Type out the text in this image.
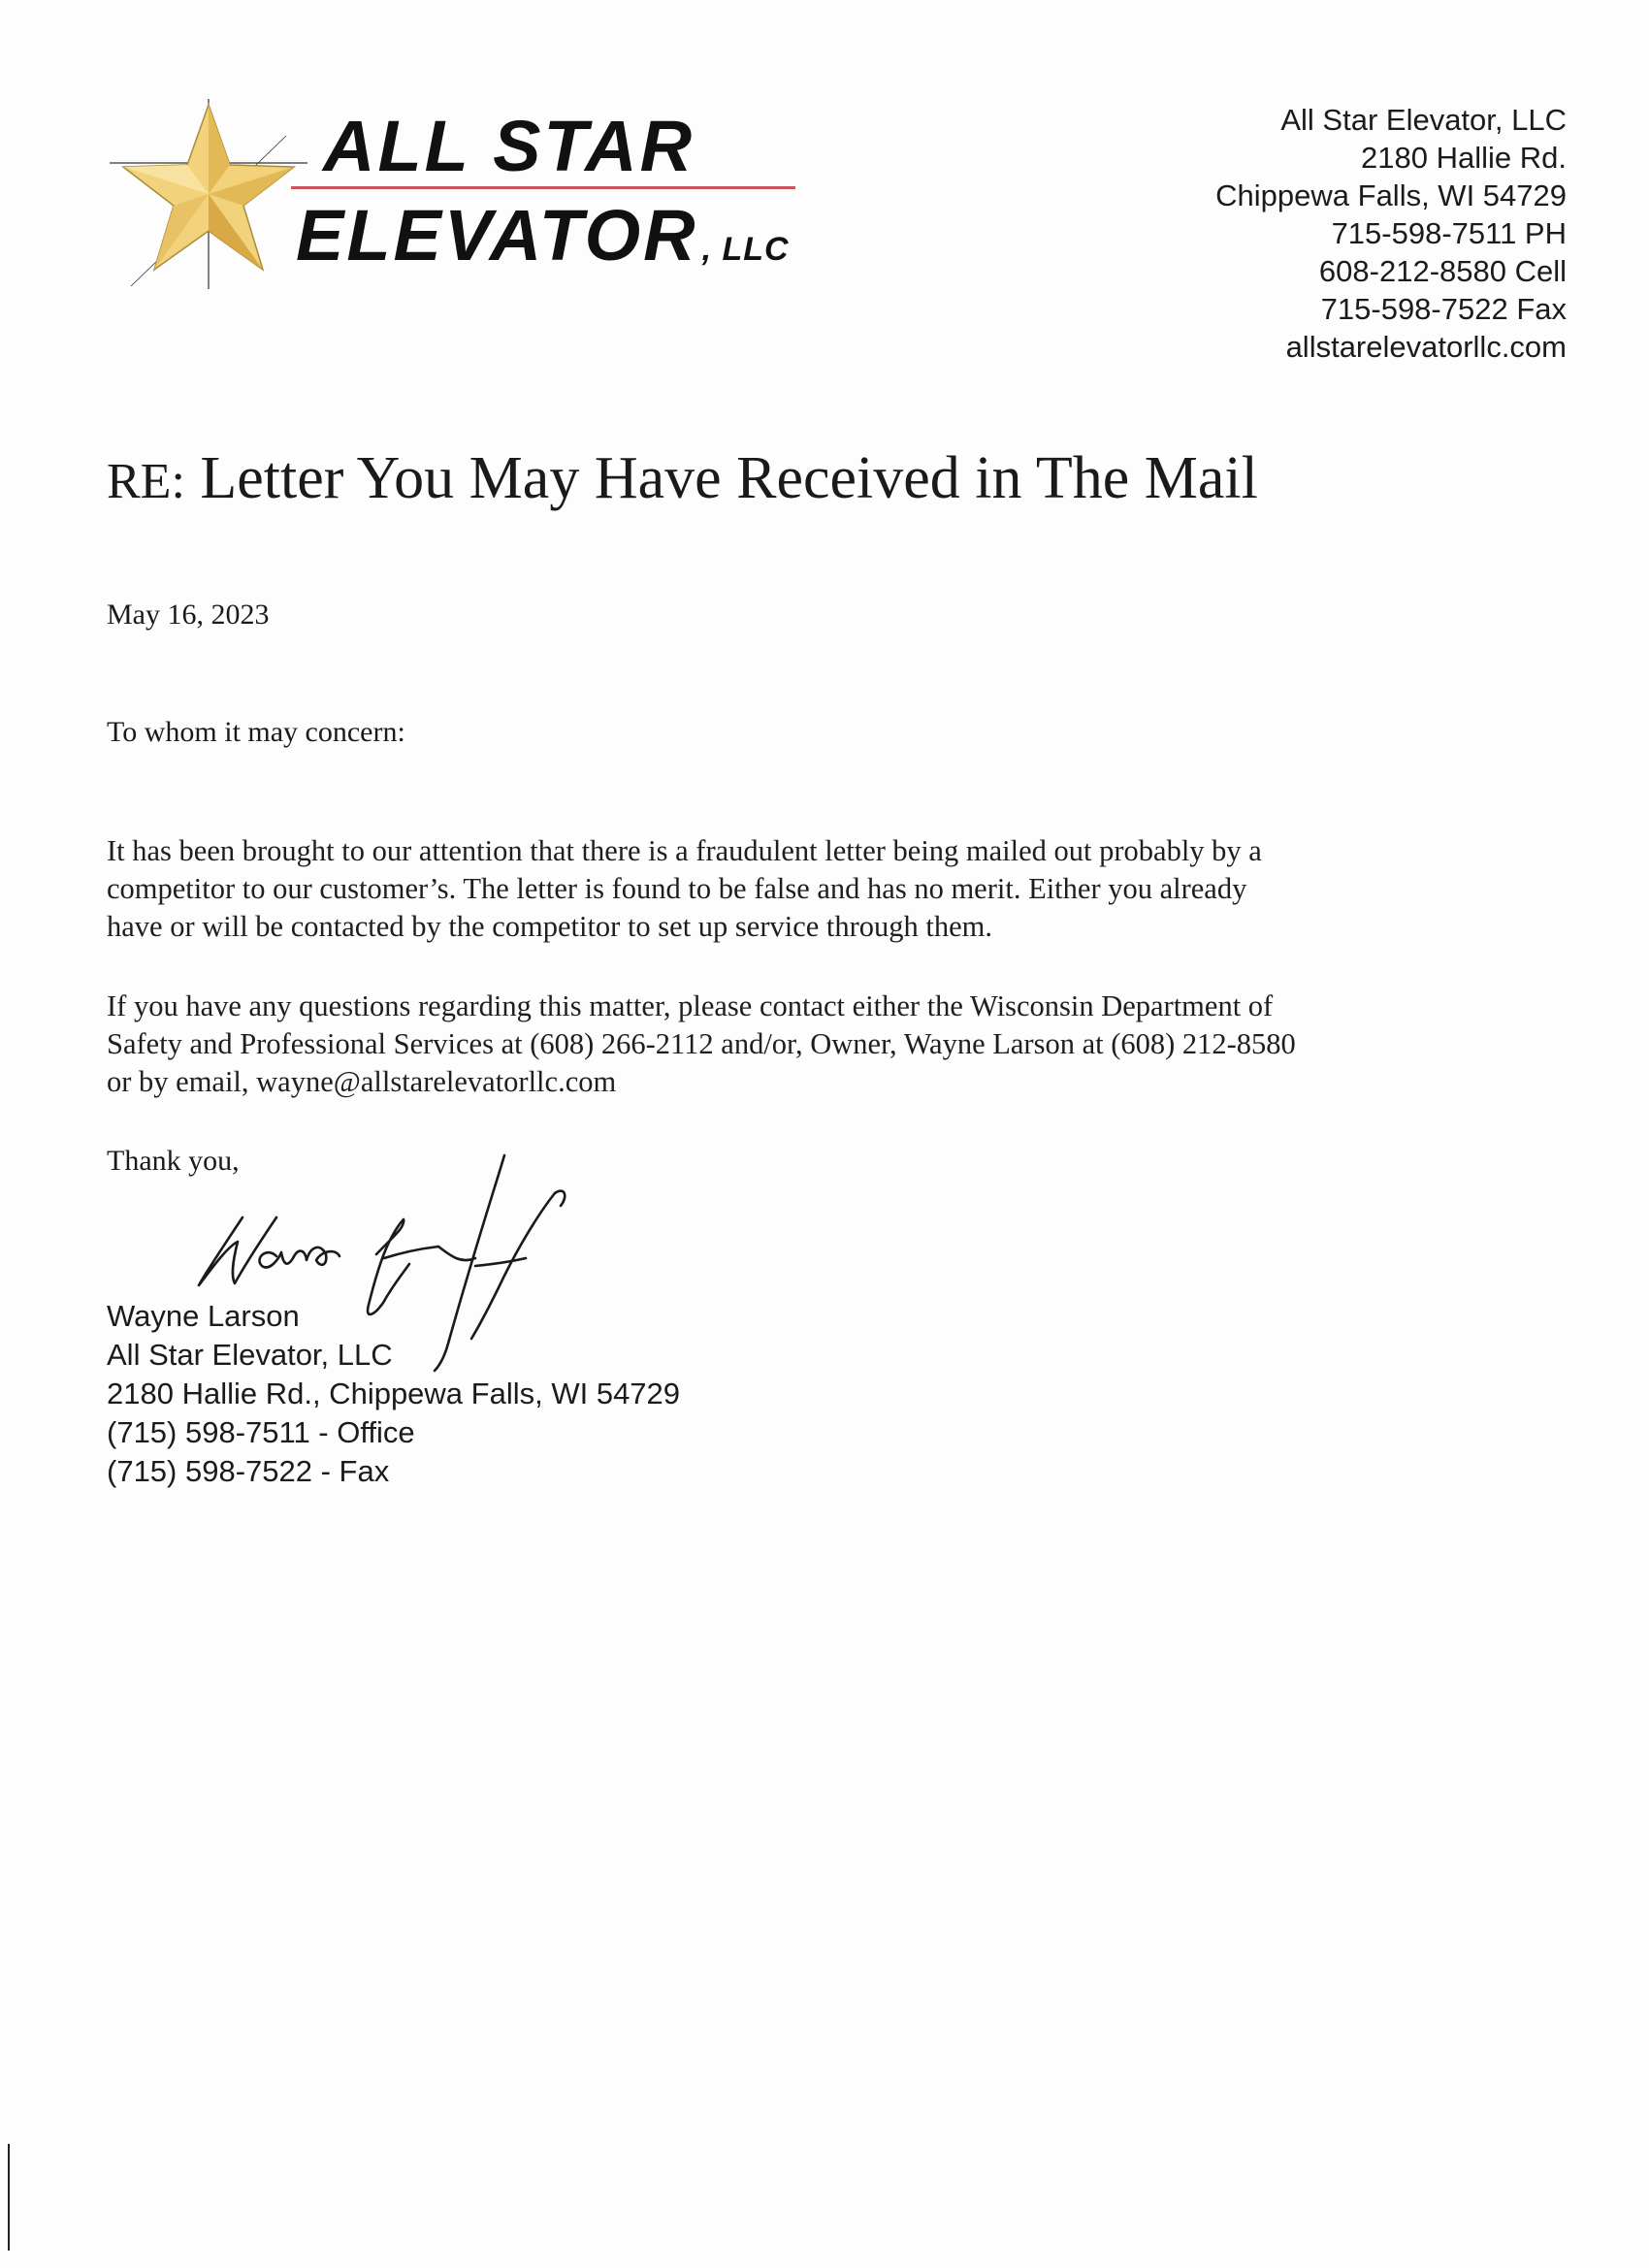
ALL STAR
ELEVATOR , LLC
All Star Elevator, LLC
2180 Hallie Rd.
Chippewa Falls, WI 54729
715-598-7511 PH
608-212-8580 Cell
715-598-7522 Fax
allstarelevatorllc.com
RE: Letter You May Have Received in The Mail
May 16, 2023
To whom it may concern:
It has been brought to our attention that there is a fraudulent letter being mailed out probably by a
competitor to our customer’s. The letter is found to be false and has no merit. Either you already
have or will be contacted by the competitor to set up service through them.
If you have any questions regarding this matter, please contact either the Wisconsin Department of
Safety and Professional Services at (608) 266-2112 and/or, Owner, Wayne Larson at (608) 212-8580
or by email, wayne@allstarelevatorllc.com
Thank you,
Wayne Larson
All Star Elevator, LLC
2180 Hallie Rd., Chippewa Falls, WI 54729
(715) 598-7511 - Office
(715) 598-7522 - Fax
